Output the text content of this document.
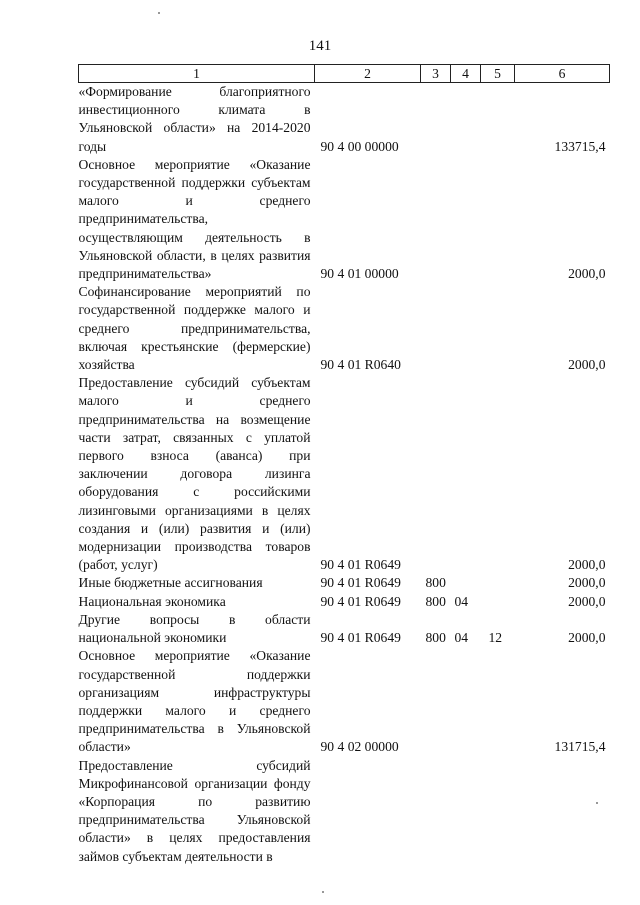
141
1	2	3	4	5	6
«Формирование благоприятного инвестиционного климата в Ульяновской области» на 2014-2020 годы	90 4 00 00000				133715,4
Основное мероприятие «Оказание государственной поддержки субъектам малого и среднего предпринимательства, осуществляющим деятельность в Ульяновской области, в целях развития предпринимательства»	90 4 01 00000				2000,0
Софинансирование мероприятий по государственной поддержке малого и среднего предпринимательства, включая крестьянские (фермерские) хозяйства	90 4 01 R0640				2000,0
Предоставление субсидий субъектам малого и среднего предпринимательства на возмещение части затрат, связанных с уплатой первого взноса (аванса) при заключении договора лизинга оборудования с российскими лизинговыми организациями в целях создания и (или) развития и (или) модернизации производства товаров (работ, услуг)	90 4 01 R0649				2000,0
Иные бюджетные ассигнования	90 4 01 R0649	800			2000,0
Национальная экономика	90 4 01 R0649	800	04		2000,0
Другие вопросы в области национальной экономики	90 4 01 R0649	800	04	12	2000,0
Основное мероприятие «Оказание государственной поддержки организациям инфраструктуры поддержки малого и среднего предпринимательства в Ульяновской области»	90 4 02 00000				131715,4
Предоставление субсидий Микрофинансовой организации фонду «Корпорация по развитию предпринимательства Ульяновской области» в целях предоставления займов субъектам деятельности в					
